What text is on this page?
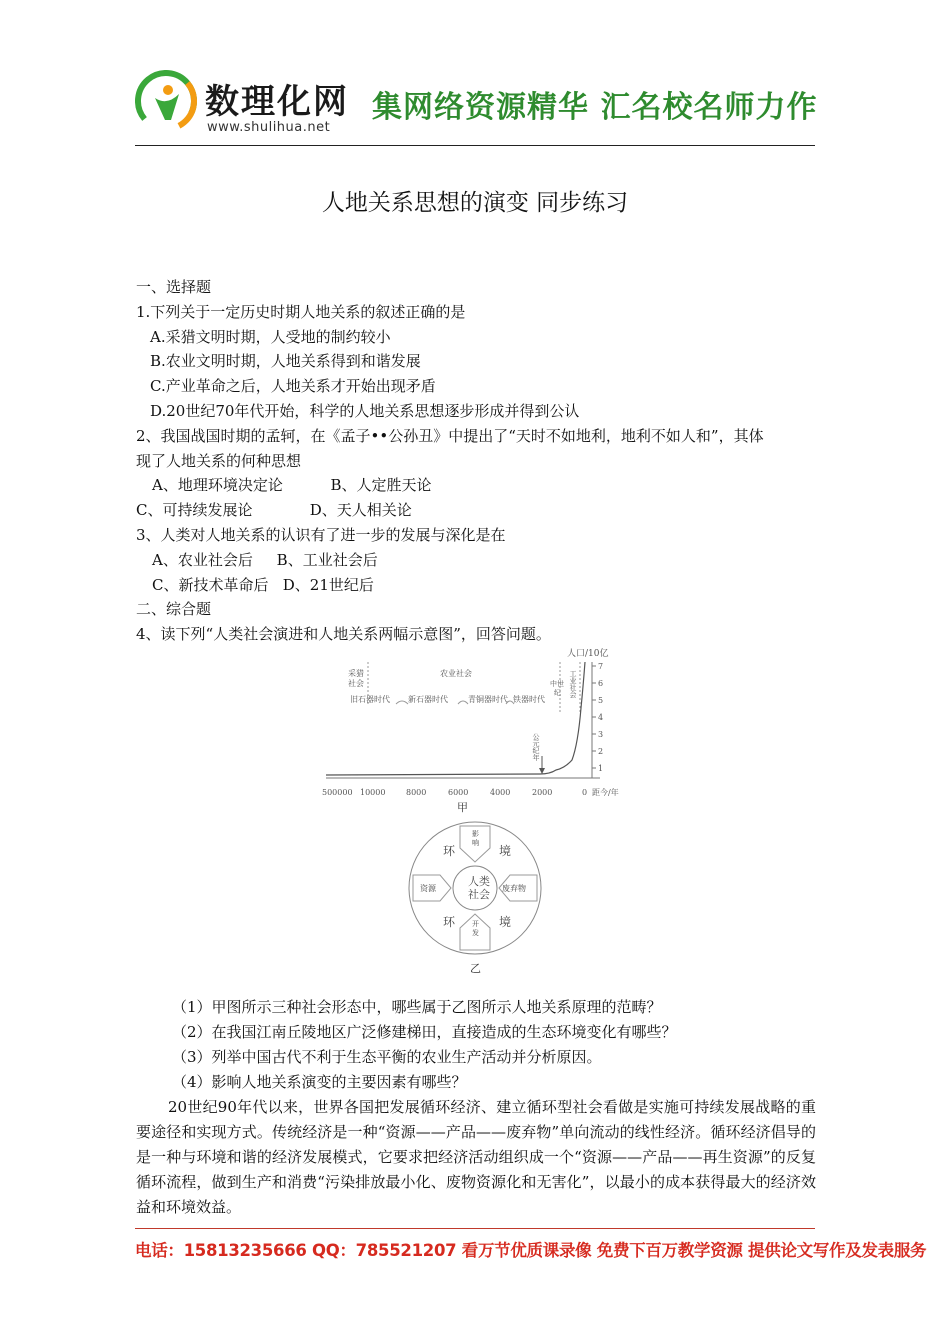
数理化网
www.shulihua.net
集网络资源精华 汇名校名师力作
人地关系思想的演变 同步练习
一、选择题
1.下列关于一定历史时期人地关系的叙述正确的是
A.采猎文明时期，人受地的制约较小
B.农业文明时期，人地关系得到和谐发展
C.产业革命之后，人地关系才开始出现矛盾
D.20世纪70年代开始，科学的人地关系思想逐步形成并得到公认
2、我国战国时期的孟轲，在《孟子••公孙丑》中提出了“天时不如地利，地利不如人和”，其体
现了人地关系的何种思想
A、地理环境决定论          B、人定胜天论
C、可持续发展论            D、天人相关论
3、人类对人地关系的认识有了进一步的发展与深化是在
A、农业社会后     B、工业社会后
C、新技术革命后   D、21世纪后
二、综合题
4、读下列“人类社会演进和人地关系两幅示意图”，回答问题。
人口/10亿
1
2
3
4
5
6
7
500000 10000	8000	6000	4000	2000	0 距今/年
采猎社会
农业社会	工业社会
中世纪
旧石器时代 新石器时代	青铜器时代 铁器时代
公元纪年
甲
影响
开发
资源	废弃物
人类
社会
环	境
环	境
乙
（1）甲图所示三种社会形态中，哪些属于乙图所示人地关系原理的范畴？
（2）在我国江南丘陵地区广泛修建梯田，直接造成的生态环境变化有哪些？
（3）列举中国古代不利于生态平衡的农业生产活动并分析原因。
（4）影响人地关系演变的主要因素有哪些？
20世纪90年代以来，世界各国把发展循环经济、建立循环型社会看做是实施可持续发展战略的重要途径和实现方式。传统经济是一种“资源——产品——废弃物”单向流动的线性经济。循环经济倡导的是一种与环境和谐的经济发展模式，它要求把经济活动组织成一个“资源——产品——再生资源”的反复循环流程，做到生产和消费“污染排放最小化、废物资源化和无害化”，以最小的成本获得最大的经济效益和环境效益。
电话：15813235666 QQ：785521207 看万节优质课录像 免费下百万教学资源 提供论文写作及发表服务
